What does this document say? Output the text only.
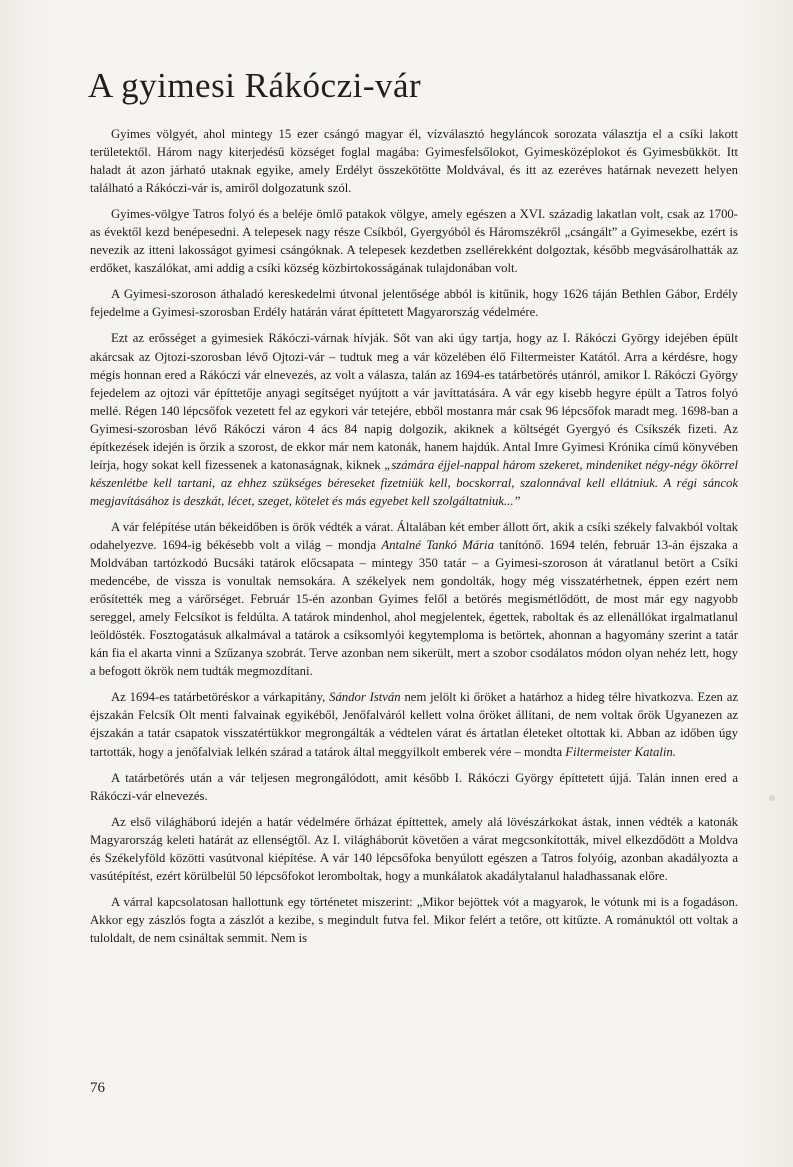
A gyimesi Rákóczi-vár

Gyimes völgyét, ahol mintegy 15 ezer csángó magyar él, vízválasztó hegyláncok sorozata választja el a csíki lakott területektől. Három nagy kiterjedésű községet foglal magába: Gyimesfelsőlokot, Gyimesközéplokot és Gyimesbükköt. Itt haladt át azon járható utaknak egyike, amely Erdélyt összekötötte Moldvával, és itt az ezeréves határnak nevezett helyen található a Rákóczi-vár is, amiről dolgozatunk szól.

Gyimes-völgye Tatros folyó és a beléje ömlő patakok völgye, amely egészen a XVI. századig lakatlan volt, csak az 1700-as évektől kezd benépesedni. A telepesek nagy része Csíkból, Gyergyóból és Háromszékről „csángált” a Gyimesekbe, ezért is nevezik az itteni lakosságot gyimesi csángóknak. A telepesek kezdetben zsellérekként dolgoztak, később megvásárolhatták az erdőket, kaszálókat, ami addig a csíki község közbirtokosságának tulajdonában volt.

A Gyimesi-szoroson áthaladó kereskedelmi útvonal jelentősége abból is kitűnik, hogy 1626 táján Bethlen Gábor, Erdély fejedelme a Gyimesi-szorosban Erdély határán várat építtetett Magyarország védelmére.

Ezt az erősséget a gyimesiek Rákóczi-várnak hívják. Sőt van aki úgy tartja, hogy az I. Rákóczi György idejében épült akárcsak az Ojtozi-szorosban lévő Ojtozi-vár – tudtuk meg a vár közelében élő Filtermeister Katától. Arra a kérdésre, hogy mégis honnan ered a Rákóczi vár elnevezés, az volt a válasza, talán az 1694-es tatárbetörés utánról, amikor I. Rákóczi György fejedelem az ojtozi vár építtetője anyagi segítséget nyújtott a vár javíttatására. A vár egy kisebb hegyre épült a Tatros folyó mellé. Régen 140 lépcsőfok vezetett fel az egykori vár tetejére, ebből mostanra már csak 96 lépcsőfok maradt meg. 1698-ban a Gyimesi-szorosban lévő Rákóczi váron 4 ács 84 napig dolgozik, akiknek a költségét Gyergyó és Csíkszék fizeti. Az építkezések idején is őrzik a szorost, de ekkor már nem katonák, hanem hajdúk. Antal Imre Gyimesi Krónika című könyvében leírja, hogy sokat kell fizessenek a katonaságnak, kiknek „számára éjjel-nappal három szekeret, mindeniket négy-négy ökörrel készenlétbe kell tartani, az ehhez szükséges béreseket fizetniük kell, bocskorral, szalonnával kell ellátniuk. A régi sáncok megjavításához is deszkát, lécet, szeget, kötelet és más egyebet kell szolgáltatniuk...”

A vár felépítése után békeidőben is örök védték a várat. Általában két ember állott őrt, akik a csíki székely falvakból voltak odahelyezve. 1694-ig békésebb volt a világ – mondja Antalné Tankó Mária tanítónő. 1694 telén, február 13-án éjszaka a Moldvában tartózkodó Bucsáki tatárok előcsapata – mintegy 350 tatár – a Gyimesi-szoroson át váratlanul betört a Csíki medencébe, de vissza is vonultak nemsokára. A székelyek nem gondolták, hogy még visszatérhetnek, éppen ezért nem erősítették meg a várőrséget. Február 15-én azonban Gyimes felől a betörés megismétlődött, de most már egy nagyobb sereggel, amely Felcsíkot is feldúlta. A tatárok mindenhol, ahol megjelentek, égettek, raboltak és az ellenállókat irgalmatlanul leöldösték. Fosztogatásuk alkalmával a tatárok a csíksomlyói kegytemploma is betörtek, ahonnan a hagyomány szerint a tatár kán fia el akarta vinni a Szűzanya szobrát. Terve azonban nem sikerült, mert a szobor csodálatos módon olyan nehéz lett, hogy a befogott ökrök nem tudták megmozdítani.

Az 1694-es tatárbetöréskor a várkapitány, Sándor István nem jelölt ki őröket a határhoz a hideg télre hivatkozva. Ezen az éjszakán Felcsík Olt menti falvainak egyikéből, Jenőfalváról kellett volna őröket állítani, de nem voltak őrök Ugyanezen az éjszakán a tatár csapatok visszatértükkor megrongálták a védtelen várat és ártatlan életeket oltottak ki. Abban az időben úgy tartották, hogy a jenőfalviak lelkén szárad a tatárok által meggyilkolt emberek vére – mondta Filtermeister Katalin.

A tatárbetörés után a vár teljesen megrongálódott, amit később I. Rákóczi György építtetett újjá. Talán innen ered a Rákóczi-vár elnevezés.

Az első világháború idején a határ védelmére őrházat építtettek, amely alá lövészárkokat ástak, innen védték a katonák Magyarország keleti határát az ellenségtől. Az I. világháborút követően a várat megcsonkították, mivel elkezdődött a Moldva és Székelyföld közötti vasútvonal kiépítése. A vár 140 lépcsőfoka benyúlott egészen a Tatros folyóig, azonban akadályozta a vasútépítést, ezért körülbelül 50 lépcsőfokot leromboltak, hogy a munkálatok akadálytalanul haladhassanak előre.

A várral kapcsolatosan hallottunk egy történetet miszerint: „Mikor bejöttek vót a magyarok, le vótunk mi is a fogadáson. Akkor egy zászlós fogta a zászlót a kezibe, s megindult futva fel. Mikor felért a tetőre, ott kitűzte. A románuktól ott voltak a tuloldalt, de nem csináltak semmit. Nem is

76
